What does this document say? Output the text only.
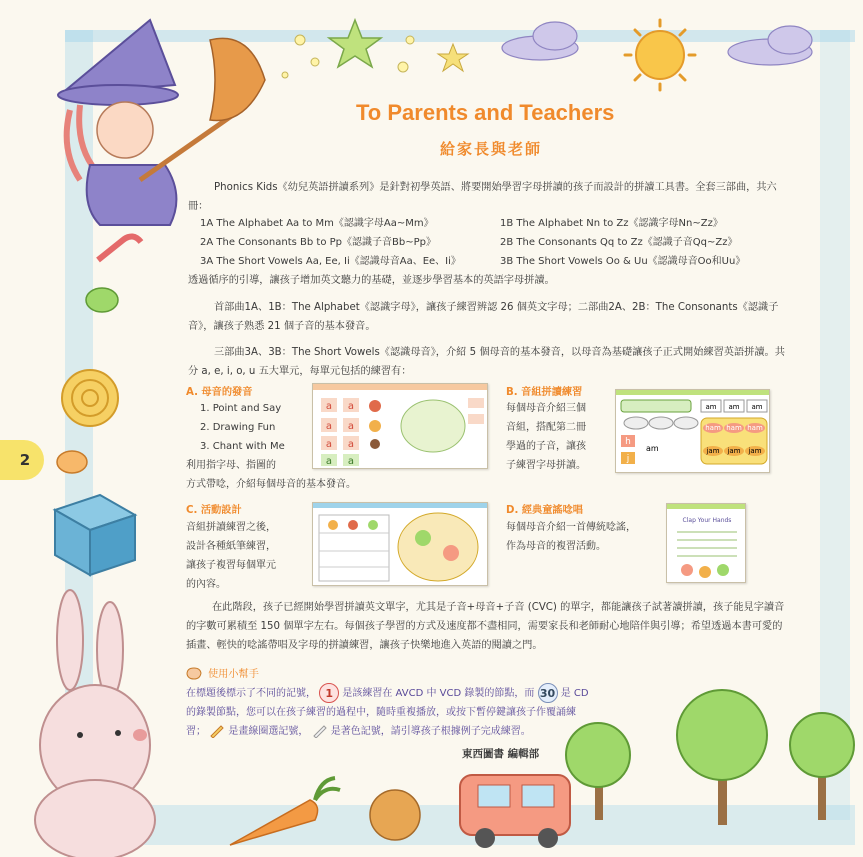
2
To Parents and Teachers
給家長與老師
Phonics Kids《幼兒英語拼讀系列》是針對初學英語、將要開始學習字母拼讀的孩子而設計的拼讀工具書。全套三部曲，共六冊：
1A The Alphabet Aa to Mm《認識字母Aa~Mm》	1B The Alphabet Nn to Zz《認識字母Nn~Zz》
2A The Consonants Bb to Pp《認識子音Bb~Pp》	2B The Consonants Qq to Zz《認識子音Qq~Zz》
3A The Short Vowels Aa, Ee, Ii《認識母音Aa、Ee、Ii》	3B The Short Vowels Oo & Uu《認識母音Oo和Uu》
透過循序的引導，讓孩子增加英文聽力的基礎，並逐步學習基本的英語字母拼讀。
首部曲1A、1B：The Alphabet《認識字母》，讓孩子練習辨認 26 個英文字母；二部曲2A、2B：The Consonants《認識子音》，讓孩子熟悉 21 個子音的基本發音。
三部曲3A、3B：The Short Vowels《認識母音》，介紹 5 個母音的基本發音，以母音為基礎讓孩子正式開始練習英語拼讀。共分 a, e, i, o, u 五大單元，每單元包括的練習有：
A. 母音的發音
1. Point and Say
2. Drawing Fun
3. Chant with Me
利用指字母、指圖的
方式帶唸，介紹每個母音的基本發音。
a a
a a
a a
a a
B. 音組拼讀練習
每個母音介紹三個
音組，搭配第二冊
學過的子音，讓孩
子練習字母拼讀。
am am am
ham ham ham
jam jam jam
h
j
am
C. 活動設計
音組拼讀練習之後，
設計各種紙筆練習，
讓孩子複習每個單元
的內容。
D. 經典童謠唸唱
每個母音介紹一首傳統唸謠，
作為母音的複習活動。
Clap Your Hands
在此階段，孩子已經開始學習拼讀英文單字，尤其是子音+母音+子音 (CVC) 的單字，都能讓孩子試著讀拼讀，孩子能見字讀音的字數可累積至 150 個單字左右。每個孩子學習的方式及速度都不盡相同，需要家長和老師耐心地陪伴與引導；希望透過本書可愛的插畫、輕快的唸謠帶唱及字母的拼讀練習，讓孩子快樂地進入英語的閱讀之門。
使用小幫手
在標題後標示了不同的記號， 1 是該練習在 AVCD 中 VCD 錄製的節點，而 30 是 CD
的錄製節點，您可以在孩子練習的過程中，隨時重複播放，或按下暫停鍵讓孩子作覆誦練
習； 是畫線圈選記號， 是著色記號，請引導孩子根據例子完成練習。
東西圖書 編輯部
